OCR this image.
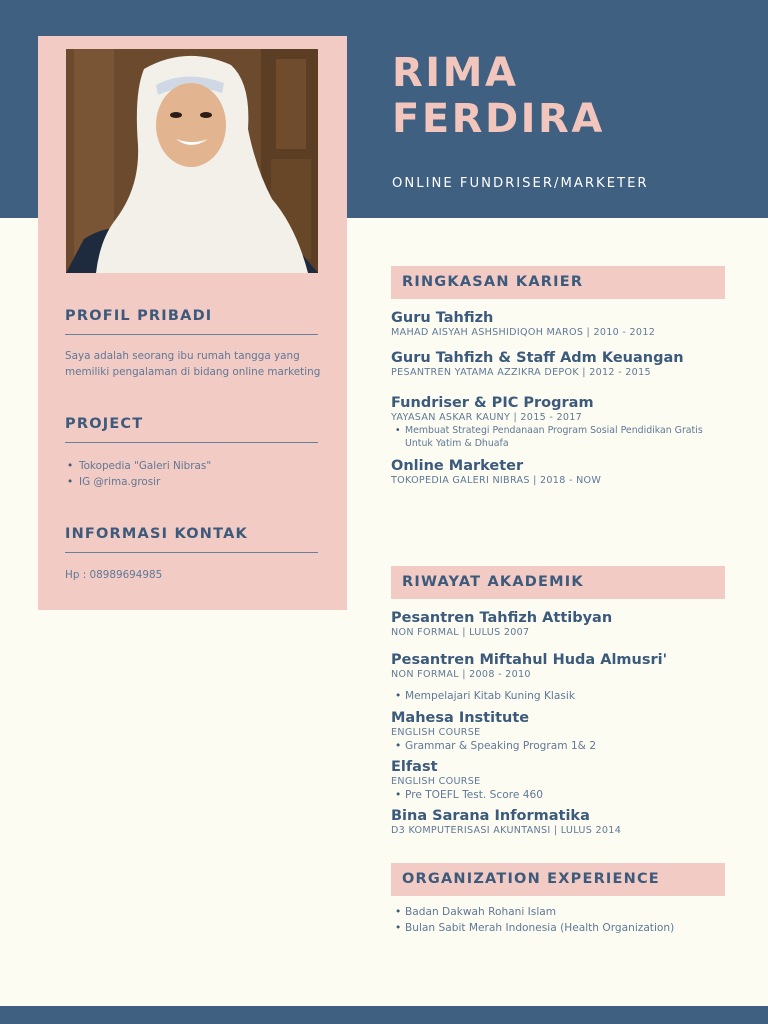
PROFIL PRIBADI
Saya adalah seorang ibu rumah tangga yang memiliki pengalaman di bidang online marketing
PROJECT
• Tokopedia "Galeri Nibras"
• IG @rima.grosir
INFORMASI KONTAK
Hp : 08989694985
RIMA
FERDIRA
ONLINE FUNDRISER/MARKETER
RINGKASAN KARIER
Guru Tahfizh
MAHAD AISYAH ASHSHIDIQOH MAROS | 2010 - 2012
Guru Tahfizh & Staff Adm Keuangan
PESANTREN YATAMA AZZIKRA DEPOK | 2012 - 2015
Fundriser & PIC Program
YAYASAN ASKAR KAUNY | 2015 - 2017
• Membuat Strategi Pendanaan Program Sosial Pendidikan Gratis Untuk Yatim & Dhuafa
Online Marketer
TOKOPEDIA GALERI NIBRAS | 2018 - NOW
RIWAYAT AKADEMIK
Pesantren Tahfizh Attibyan
NON FORMAL | LULUS 2007
Pesantren Miftahul Huda Almusri'
NON FORMAL | 2008 - 2010
• Mempelajari Kitab Kuning Klasik
Mahesa Institute
ENGLISH COURSE
• Grammar & Speaking Program 1& 2
Elfast
ENGLISH COURSE
• Pre TOEFL Test. Score 460
Bina Sarana Informatika
D3 KOMPUTERISASI AKUNTANSI | LULUS 2014
ORGANIZATION EXPERIENCE
• Badan Dakwah Rohani Islam
• Bulan Sabit Merah Indonesia (Health Organization)
